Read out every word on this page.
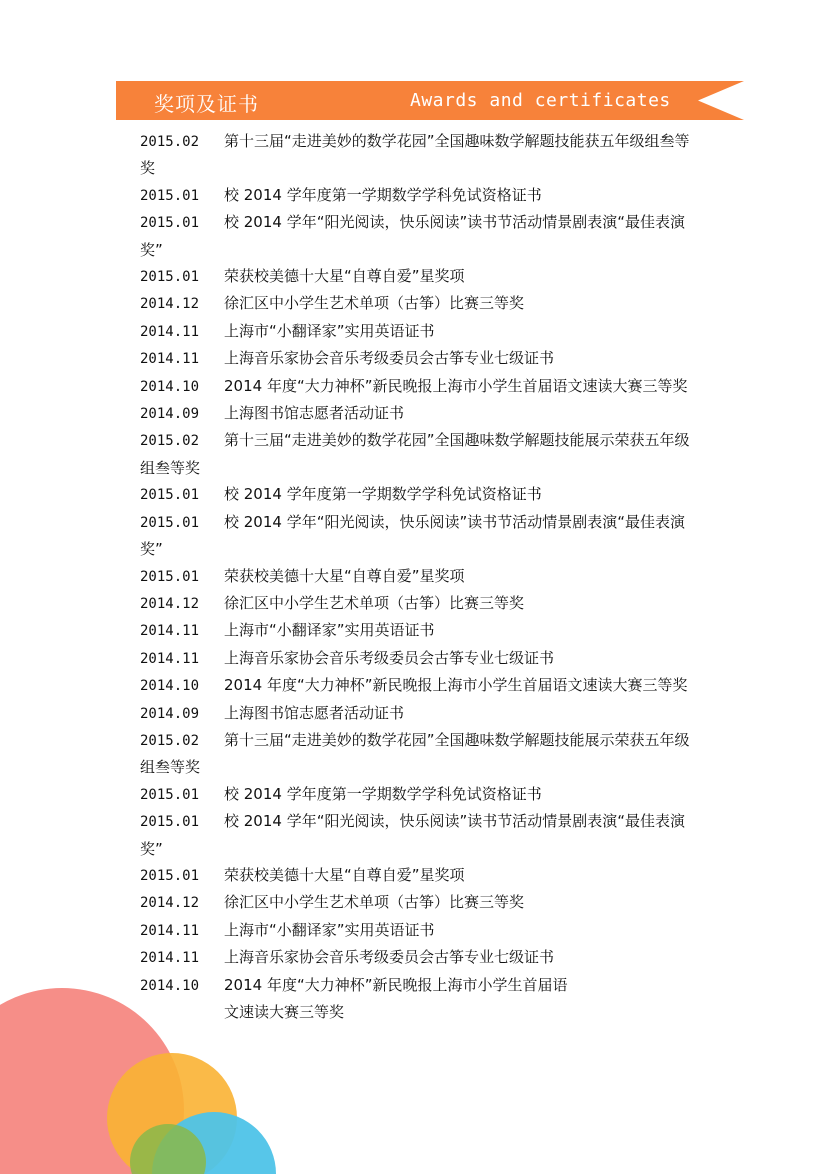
奖项及证书	Awards and certificates
2015.02 第十三届“走进美妙的数学花园”全国趣味数学解题技能获五年级组叁等奖
2015.01 校 2014 学年度第一学期数学学科免试资格证书
2015.01 校 2014 学年“阳光阅读，快乐阅读”读书节活动情景剧表演“最佳表演奖”
2015.01 荣获校美德十大星“自尊自爱”星奖项
2014.12 徐汇区中小学生艺术单项（古筝）比赛三等奖
2014.11 上海市“小翻译家”实用英语证书
2014.11 上海音乐家协会音乐考级委员会古筝专业七级证书
2014.10 2014 年度“大力神杯”新民晚报上海市小学生首届语文速读大赛三等奖
2014.09 上海图书馆志愿者活动证书
2015.02 第十三届“走进美妙的数学花园”全国趣味数学解题技能展示荣获五年级组叁等奖
2015.01 校 2014 学年度第一学期数学学科免试资格证书
2015.01 校 2014 学年“阳光阅读，快乐阅读”读书节活动情景剧表演“最佳表演奖”
2015.01 荣获校美德十大星“自尊自爱”星奖项
2014.12 徐汇区中小学生艺术单项（古筝）比赛三等奖
2014.11 上海市“小翻译家”实用英语证书
2014.11 上海音乐家协会音乐考级委员会古筝专业七级证书
2014.10 2014 年度“大力神杯”新民晚报上海市小学生首届语文速读大赛三等奖
2014.09 上海图书馆志愿者活动证书
2015.02 第十三届“走进美妙的数学花园”全国趣味数学解题技能展示荣获五年级组叁等奖
2015.01 校 2014 学年度第一学期数学学科免试资格证书
2015.01 校 2014 学年“阳光阅读，快乐阅读”读书节活动情景剧表演“最佳表演奖”
2015.01 荣获校美德十大星“自尊自爱”星奖项
2014.12 徐汇区中小学生艺术单项（古筝）比赛三等奖
2014.11 上海市“小翻译家”实用英语证书
2014.11 上海音乐家协会音乐考级委员会古筝专业七级证书
2014.10 2014 年度“大力神杯”新民晚报上海市小学生首届语
文速读大赛三等奖
